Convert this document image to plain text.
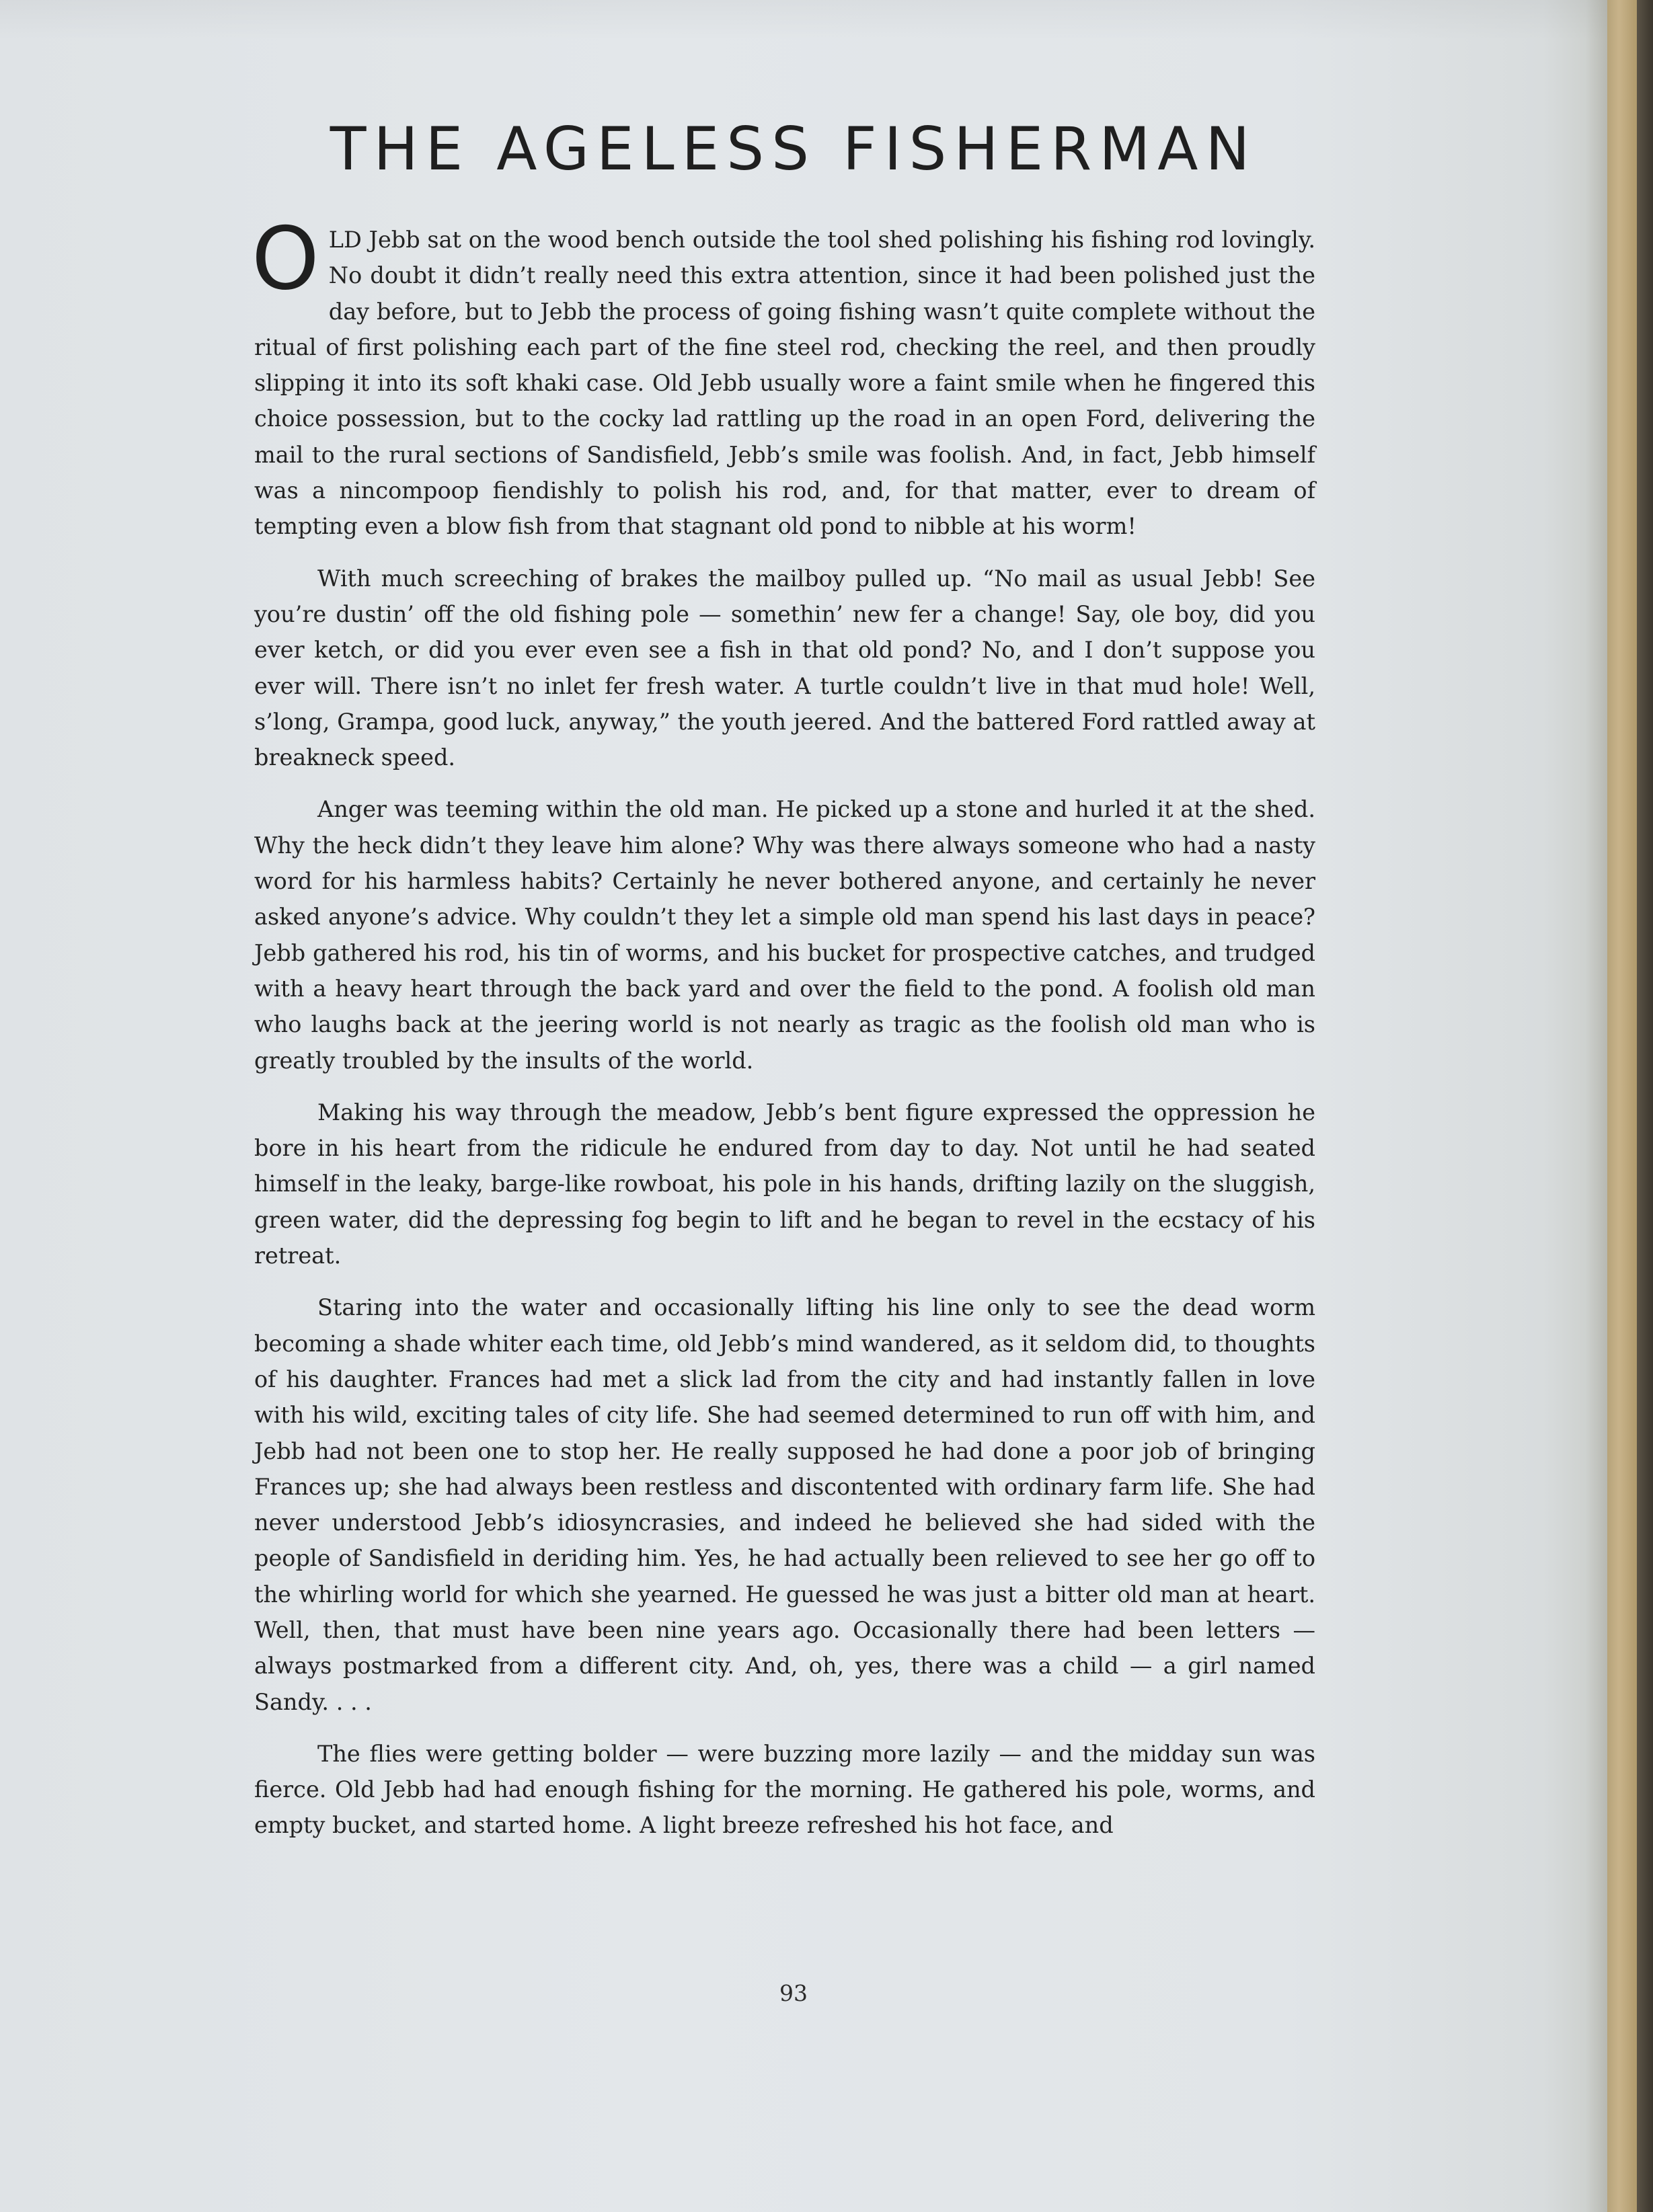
THE AGELESS FISHERMAN

OLD Jebb sat on the wood bench outside the tool shed polishing his fishing rod lovingly. No doubt it didn’t really need this extra attention, since it had been polished just the day before, but to Jebb the process of going fishing wasn’t quite complete without the ritual of first polishing each part of the fine steel rod, checking the reel, and then proudly slipping it into its soft khaki case. Old Jebb usually wore a faint smile when he fingered this choice possession, but to the cocky lad rattling up the road in an open Ford, delivering the mail to the rural sections of Sandisfield, Jebb’s smile was foolish. And, in fact, Jebb himself was a nincompoop fiendishly to polish his rod, and, for that matter, ever to dream of tempting even a blow fish from that stagnant old pond to nibble at his worm!

With much screeching of brakes the mailboy pulled up. “No mail as usual Jebb! See you’re dustin’ off the old fishing pole — somethin’ new fer a change! Say, ole boy, did you ever ketch, or did you ever even see a fish in that old pond? No, and I don’t suppose you ever will. There isn’t no inlet fer fresh water. A turtle couldn’t live in that mud hole! Well, s’long, Grampa, good luck, anyway,” the youth jeered. And the battered Ford rattled away at breakneck speed.

Anger was teeming within the old man. He picked up a stone and hurled it at the shed. Why the heck didn’t they leave him alone? Why was there always someone who had a nasty word for his harmless habits? Certainly he never bothered anyone, and certainly he never asked anyone’s advice. Why couldn’t they let a simple old man spend his last days in peace? Jebb gathered his rod, his tin of worms, and his bucket for prospective catches, and trudged with a heavy heart through the back yard and over the field to the pond. A foolish old man who laughs back at the jeering world is not nearly as tragic as the foolish old man who is greatly troubled by the insults of the world.

Making his way through the meadow, Jebb’s bent figure expressed the oppression he bore in his heart from the ridicule he endured from day to day. Not until he had seated himself in the leaky, barge-like rowboat, his pole in his hands, drifting lazily on the sluggish, green water, did the depressing fog begin to lift and he began to revel in the ecstacy of his retreat.

Staring into the water and occasionally lifting his line only to see the dead worm becoming a shade whiter each time, old Jebb’s mind wandered, as it seldom did, to thoughts of his daughter. Frances had met a slick lad from the city and had instantly fallen in love with his wild, exciting tales of city life. She had seemed determined to run off with him, and Jebb had not been one to stop her. He really supposed he had done a poor job of bringing Frances up; she had always been restless and discontented with ordinary farm life. She had never understood Jebb’s idiosyncrasies, and indeed he believed she had sided with the people of Sandisfield in deriding him. Yes, he had actually been relieved to see her go off to the whirling world for which she yearned. He guessed he was just a bitter old man at heart. Well, then, that must have been nine years ago. Occasionally there had been letters — always postmarked from a different city. And, oh, yes, there was a child — a girl named Sandy. . . .

The flies were getting bolder — were buzzing more lazily — and the midday sun was fierce. Old Jebb had had enough fishing for the morning. He gathered his pole, worms, and empty bucket, and started home. A light breeze refreshed his hot face, and

93
